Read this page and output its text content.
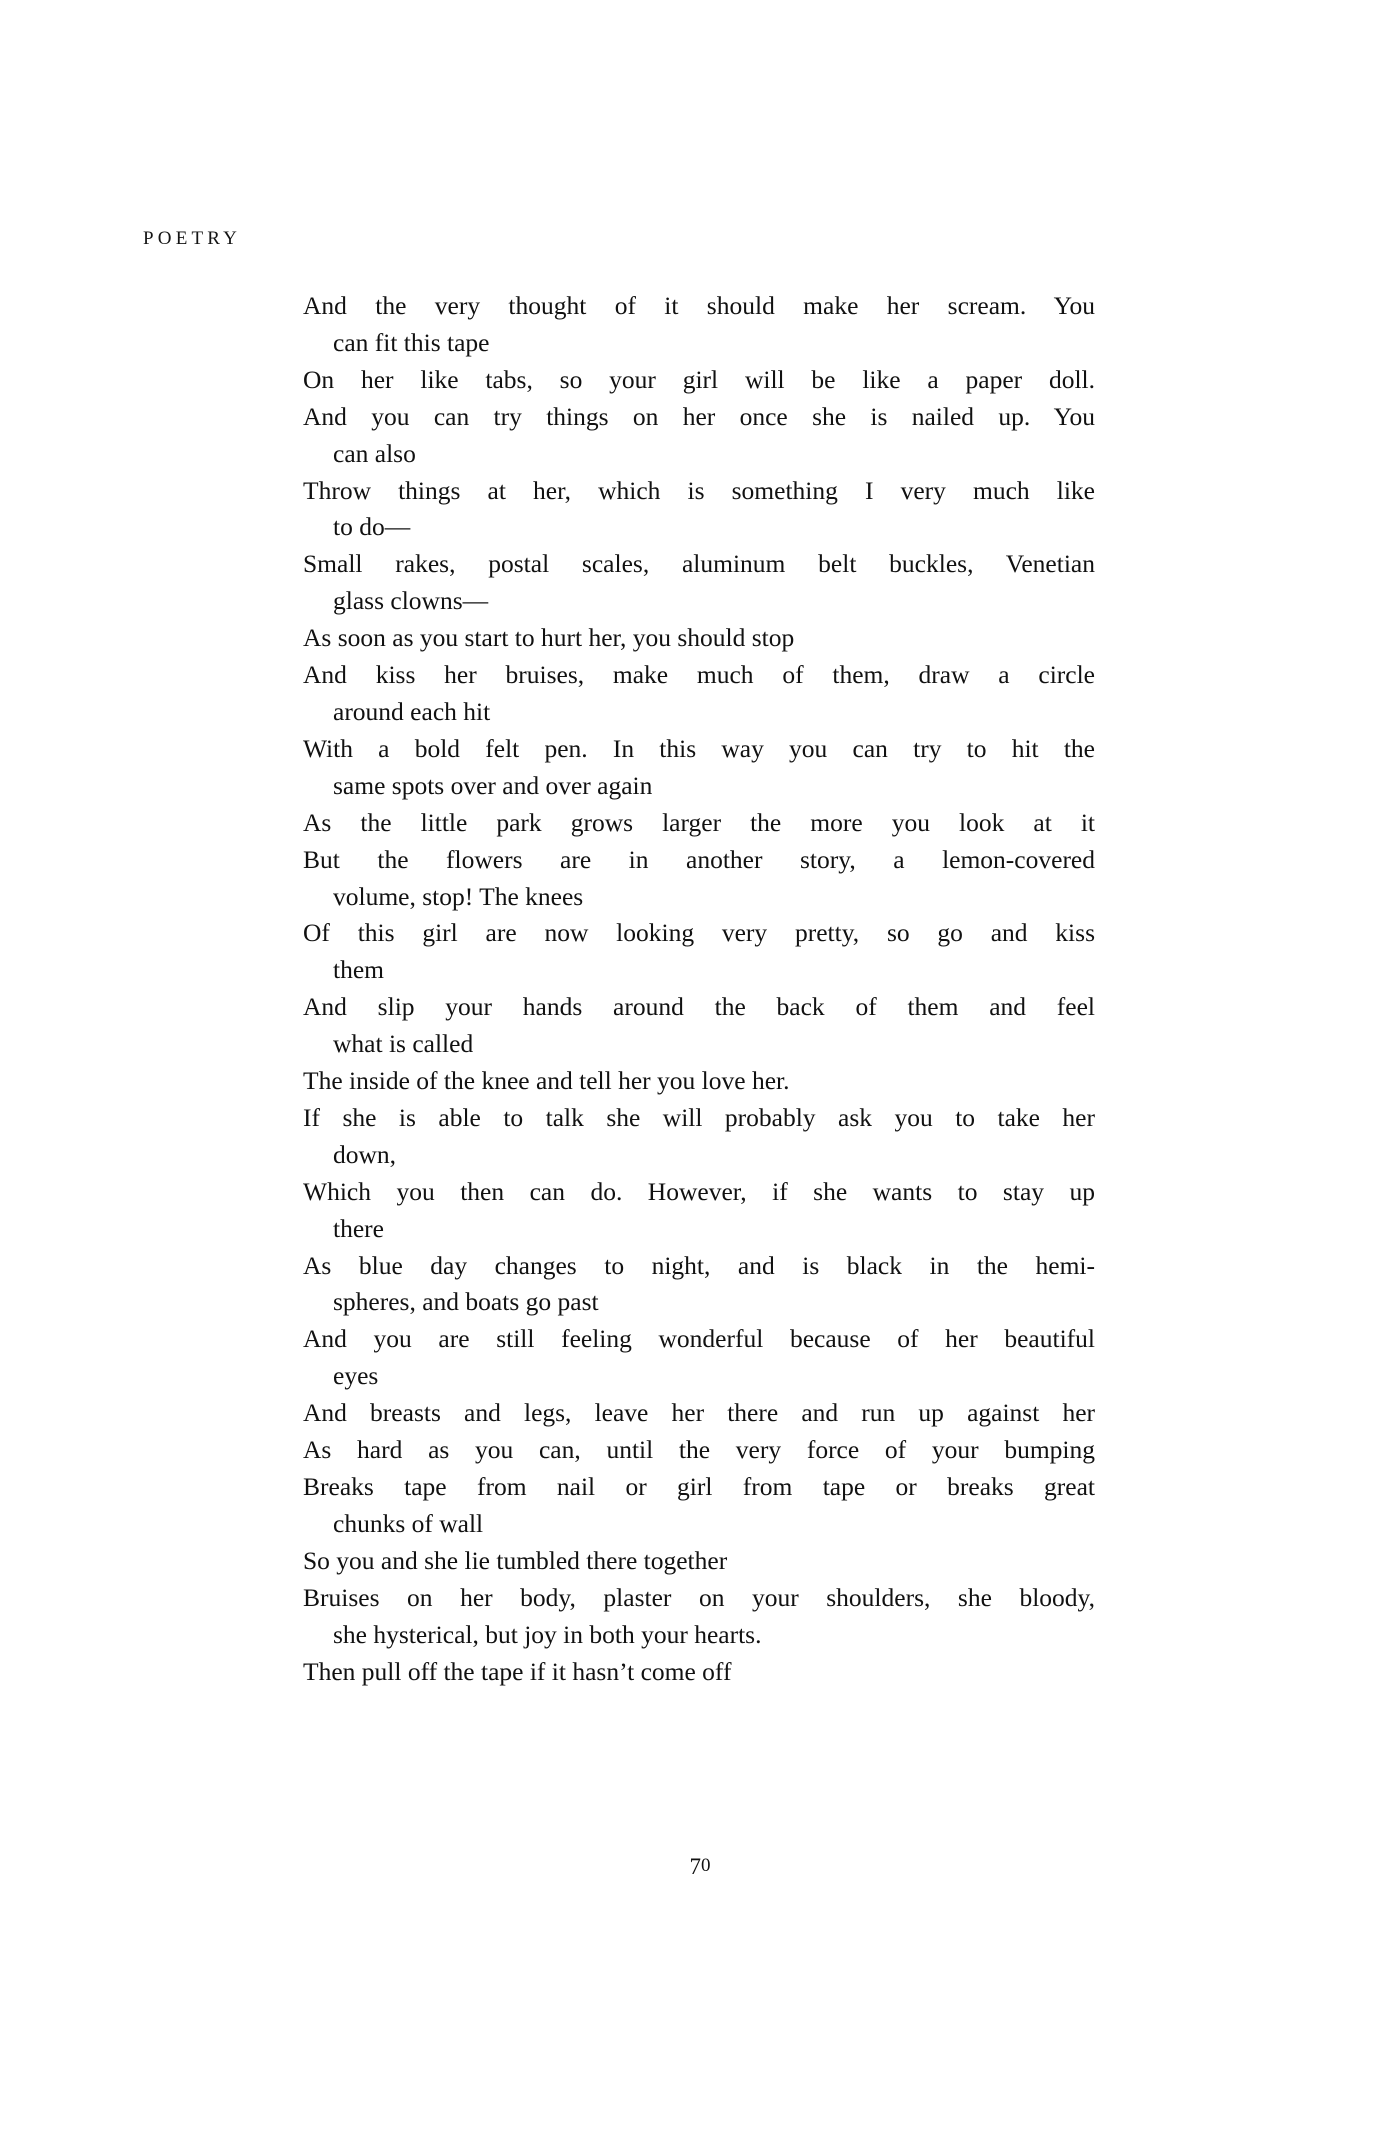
POETRY
And the very thought of it should make her scream. You
can fit this tape
On her like tabs, so your girl will be like a paper doll.
And you can try things on her once she is nailed up. You
can also
Throw things at her, which is something I very much like
to do—
Small rakes, postal scales, aluminum belt buckles, Venetian
glass clowns—
As soon as you start to hurt her, you should stop
And kiss her bruises, make much of them, draw a circle
around each hit
With a bold felt pen. In this way you can try to hit the
same spots over and over again
As the little park grows larger the more you look at it
But the flowers are in another story, a lemon-covered
volume, stop! The knees
Of this girl are now looking very pretty, so go and kiss
them
And slip your hands around the back of them and feel
what is called
The inside of the knee and tell her you love her.
If she is able to talk she will probably ask you to take her
down,
Which you then can do. However, if she wants to stay up
there
As blue day changes to night, and is black in the hemi-
spheres, and boats go past
And you are still feeling wonderful because of her beautiful
eyes
And breasts and legs, leave her there and run up against her
As hard as you can, until the very force of your bumping
Breaks tape from nail or girl from tape or breaks great
chunks of wall
So you and she lie tumbled there together
Bruises on her body, plaster on your shoulders, she bloody,
she hysterical, but joy in both your hearts.
Then pull off the tape if it hasn’t come off
70
